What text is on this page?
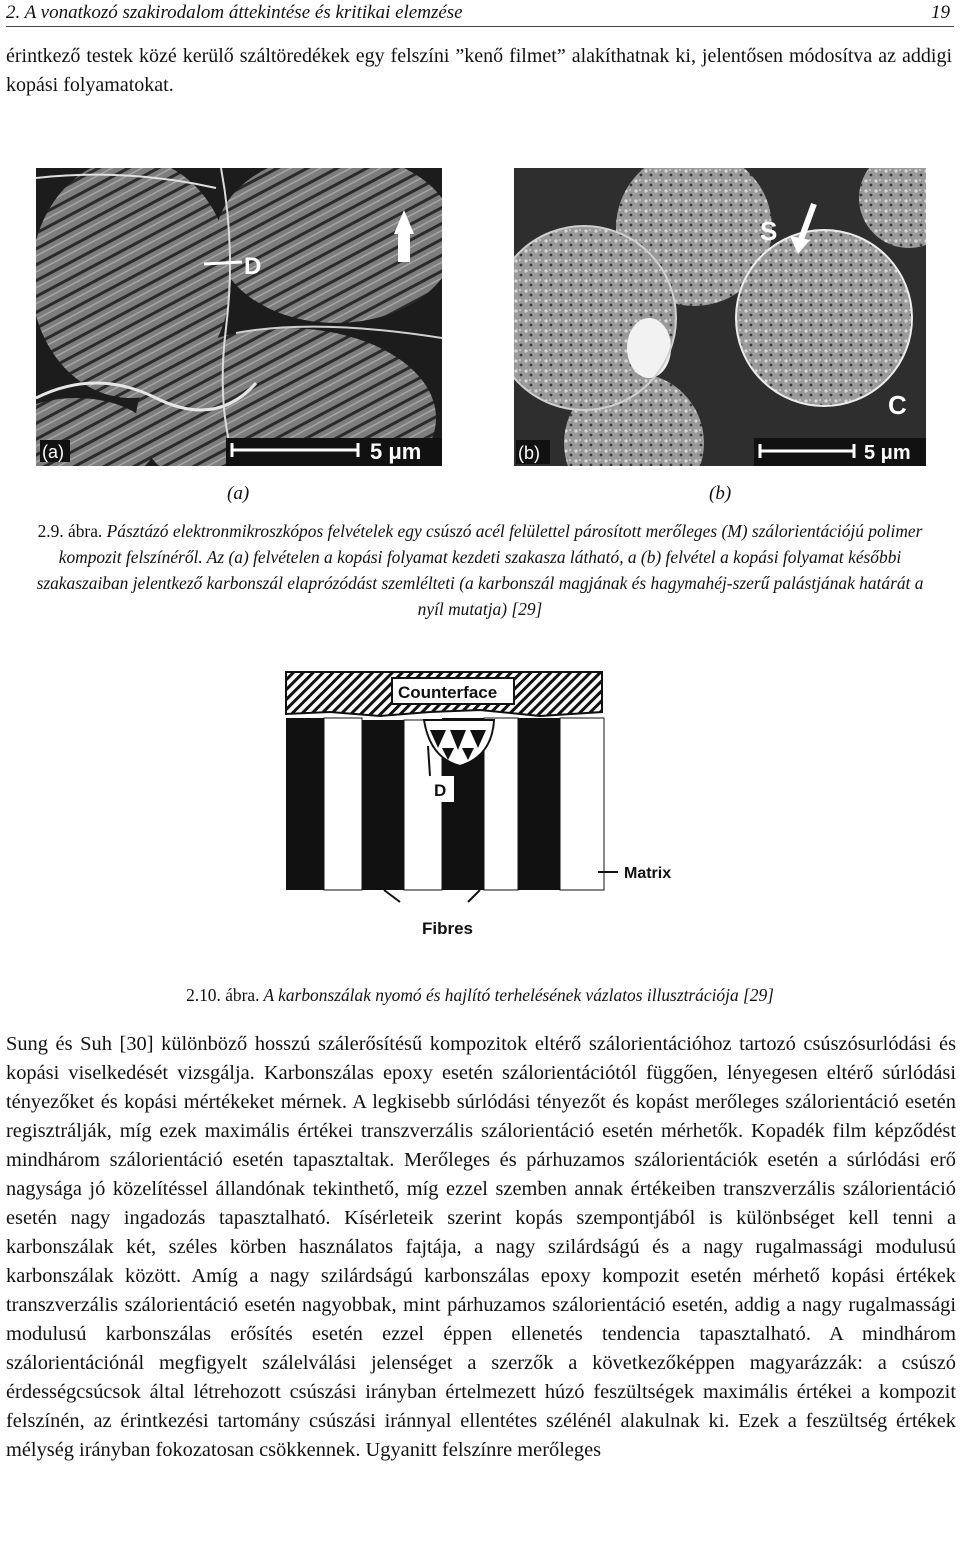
2. A vonatkozó szakirodalom áttekintése és kritikai elemzése	19

érintkező testek közé kerülő száltöredékek egy felszíni ”kenő filmet” alakíthatnak ki, jelentősen módosítva az addigi kopási folyamatokat.

D
(a)	5 μm
S
C
(b)	5 μm
(a)	(b)

2.9. ábra. Pásztázó elektronmikroszkópos felvételek egy csúszó acél felülettel párosított merőleges (M) szálorientációjú polimer kompozit felszínéről. Az (a) felvételen a kopási folyamat kezdeti szakasza látható, a (b) felvétel a kopási folyamat későbbi szakaszaiban jelentkező karbonszál elaprózódást szemlélteti (a karbonszál magjának és hagymahéj-szerű palástjának határát a nyíl mutatja) [29]

Counterface
D
Matrix
Fibres

2.10. ábra. A karbonszálak nyomó és hajlító terhelésének vázlatos illusztrációja [29]

Sung és Suh [30] különböző hosszú szálerősítésű kompozitok eltérő szálorientációhoz tartozó csúszósurlódási és kopási viselkedését vizsgálja. Karbonszálas epoxy esetén szálorientációtól függően, lényegesen eltérő súrlódási tényezőket és kopási mértékeket mérnek. A legkisebb súrlódási tényezőt és kopást merőleges szálorientáció esetén regisztrálják, míg ezek maximális értékei transzverzális szálorientáció esetén mérhetők. Kopadék film képződést mindhárom szálorientáció esetén tapasztaltak. Merőleges és párhuzamos szálorientációk esetén a súrlódási erő nagysága jó közelítéssel állandónak tekinthető, míg ezzel szemben annak értékeiben transzverzális szálorientáció esetén nagy ingadozás tapasztalható. Kísérleteik szerint kopás szempontjából is különbséget kell tenni a karbonszálak két, széles körben használatos fajtája, a nagy szilárdságú és a nagy rugalmassági modulusú karbonszálak között. Amíg a nagy szilárdságú karbonszálas epoxy kompozit esetén mérhető kopási értékek transzverzális szálorientáció esetén nagyobbak, mint párhuzamos szálorientáció esetén, addig a nagy rugalmassági modulusú karbonszálas erősítés esetén ezzel éppen ellenetés tendencia tapasztalható. A mindhárom szálorientációnál megfigyelt szálelválási jelenséget a szerzők a következőképpen magyarázzák: a csúszó érdességcsúcsok által létrehozott csúszási irányban értelmezett húzó feszültségek maximális értékei a kompozit felszínén, az érintkezési tartomány csúszási iránnyal ellentétes szélénél alakulnak ki. Ezek a feszültség értékek mélység irányban fokozatosan csökkennek. Ugyanitt felszínre merőleges
